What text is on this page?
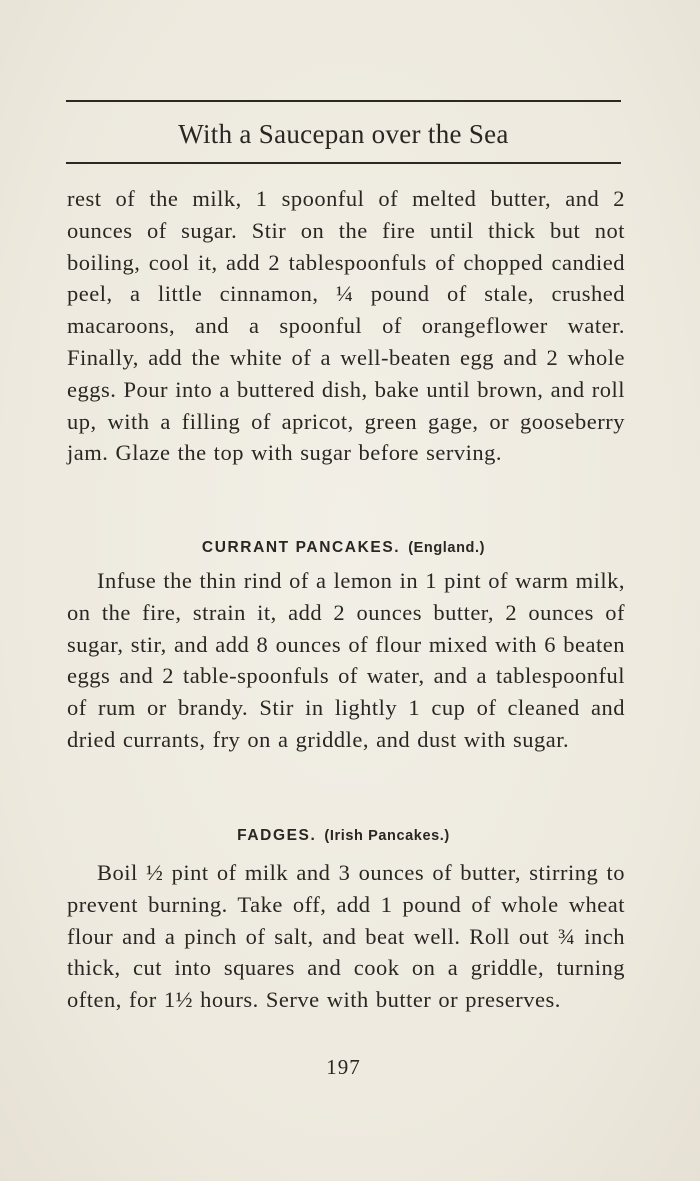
With a Saucepan over the Sea

rest of the milk, 1 spoonful of melted butter, and 2 ounces of sugar. Stir on the fire until thick but not boiling, cool it, add 2 tablespoonfuls of chopped candied peel, a little cinnamon, ¼ pound of stale, crushed macaroons, and a spoonful of orangeflower water. Finally, add the white of a well-beaten egg and 2 whole eggs. Pour into a buttered dish, bake until brown, and roll up, with a filling of apricot, green gage, or gooseberry jam. Glaze the top with sugar before serving.

CURRANT PANCAKES. (England.)

Infuse the thin rind of a lemon in 1 pint of warm milk, on the fire, strain it, add 2 ounces butter, 2 ounces of sugar, stir, and add 8 ounces of flour mixed with 6 beaten eggs and 2 table-spoonfuls of water, and a tablespoonful of rum or brandy. Stir in lightly 1 cup of cleaned and dried currants, fry on a griddle, and dust with sugar.

FADGES. (Irish Pancakes.)

Boil ½ pint of milk and 3 ounces of butter, stirring to prevent burning. Take off, add 1 pound of whole wheat flour and a pinch of salt, and beat well. Roll out ¾ inch thick, cut into squares and cook on a griddle, turning often, for 1½ hours. Serve with butter or preserves.

197
